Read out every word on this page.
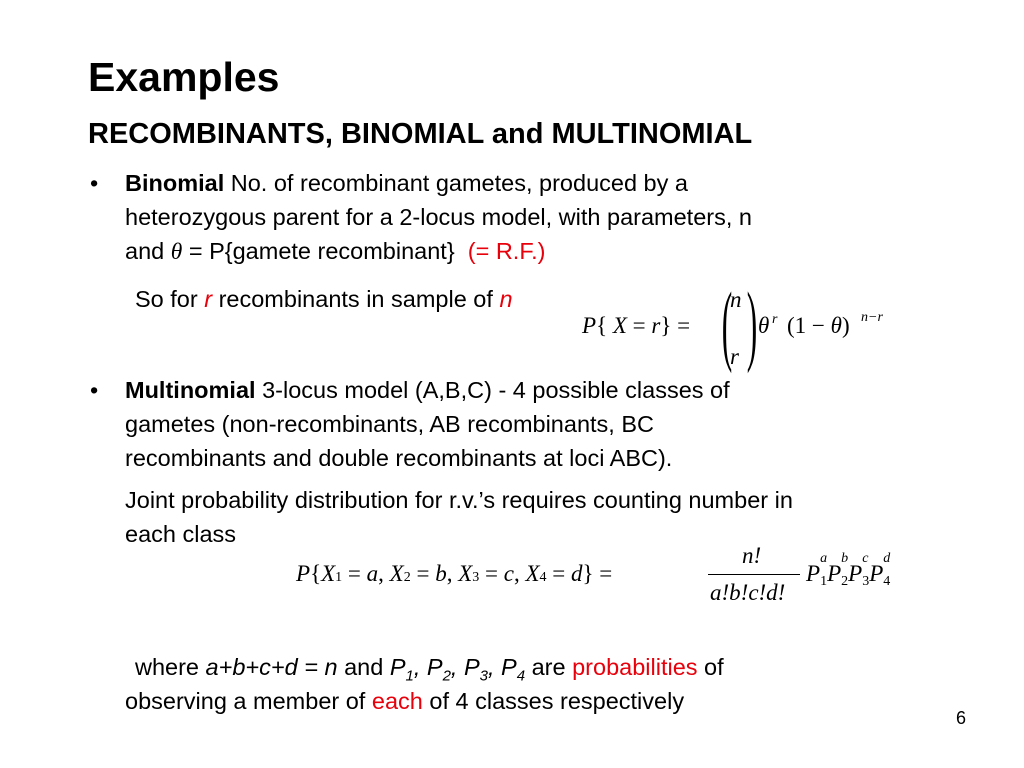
Examples
RECOMBINANTS, BINOMIAL and MULTINOMIAL
• Binomial No. of recombinant gametes, produced by a
heterozygous parent for a 2-locus model, with parameters, n
and θ = P{gamete recombinant} (= R.F.)
So for r recombinants in sample of n
P{ X = r} = (
n
r ) θ r (1 − θ) n−r
• Multinomial 3-locus model (A,B,C) - 4 possible classes of
gametes (non-recombinants, AB recombinants, BC
recombinants and double recombinants at loci ABC).
Joint probability distribution for r.v.’s requires counting number in
each class
P{X1 = a, X2 = b, X3 = c, X4 = d} =
n!
a!b!c!d!
P
a
1P
b
2P
c
3P
d
4
where a+b+c+d = n and $P_1$, $P_2$, $P_3$, $P_4$ are probabilities of
observing a member of each of 4 classes respectively
6
